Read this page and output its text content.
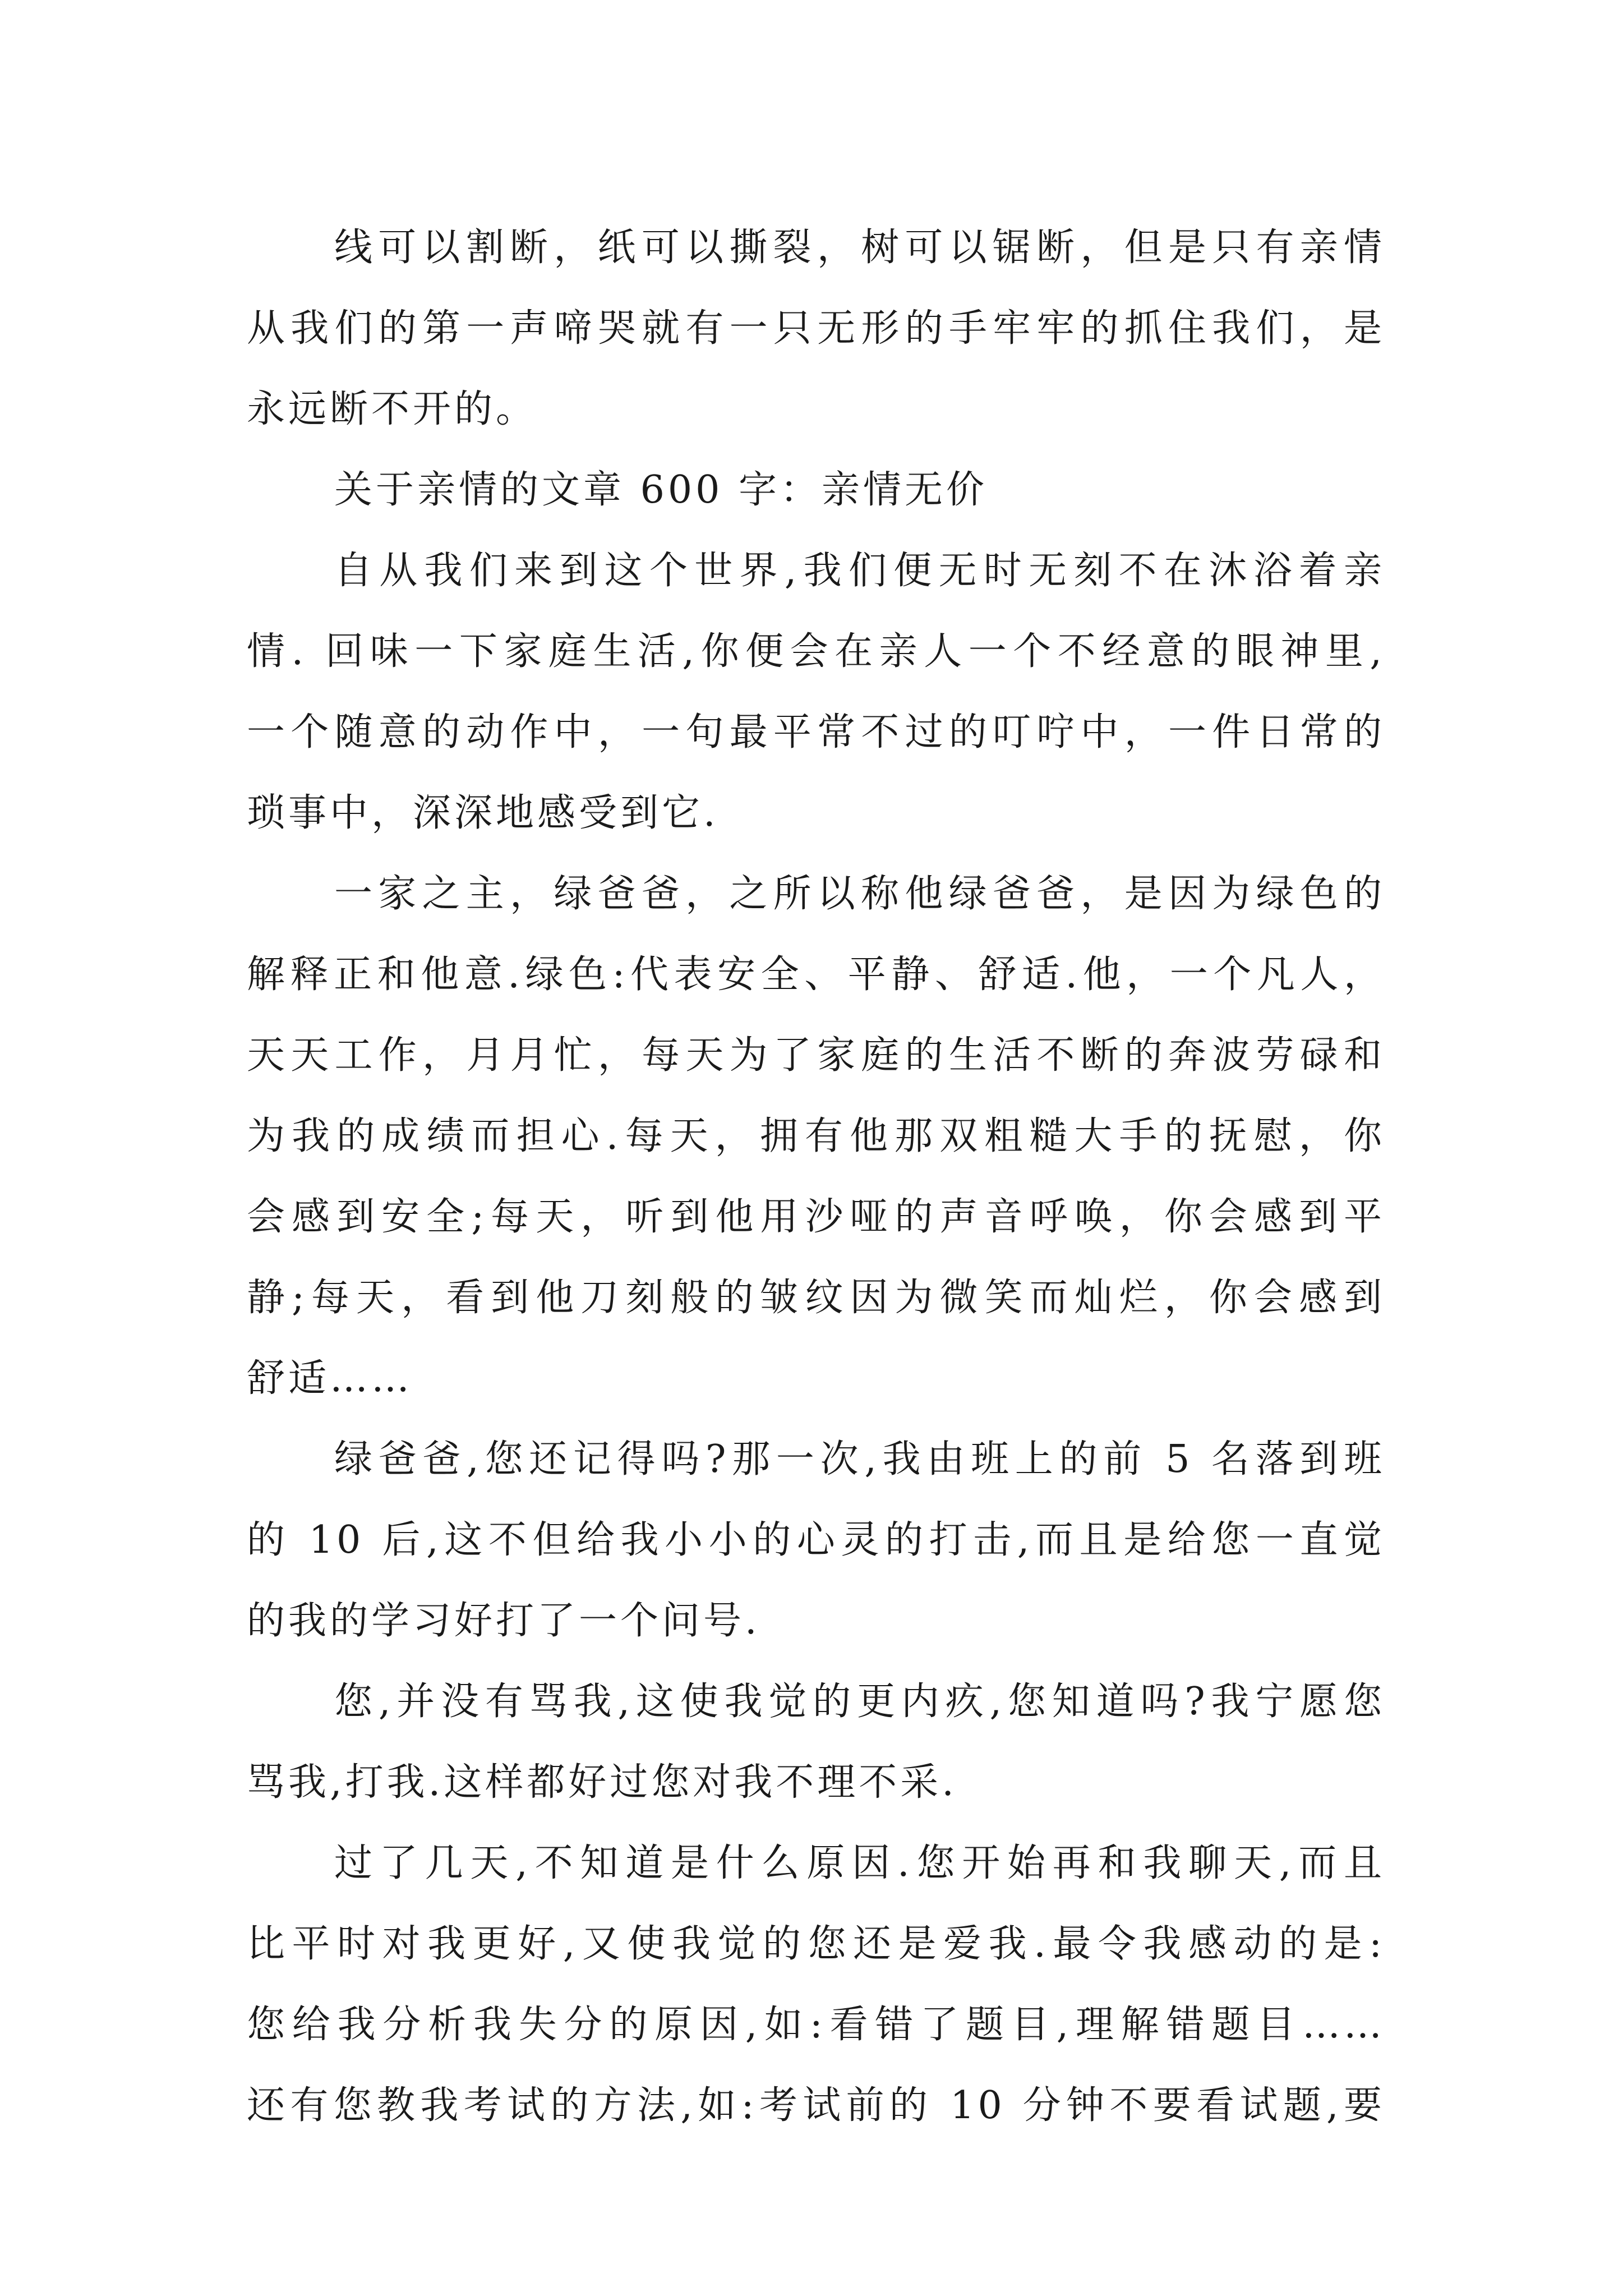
线可以割断，纸可以撕裂，树可以锯断，但是只有亲情
从我们的第一声啼哭就有一只无形的手牢牢的抓住我们，是
永远断不开的。
关于亲情的文章 600 字：亲情无价
自从我们来到这个世界,我们便无时无刻不在沐浴着亲
情. 回味一下家庭生活,你便会在亲人一个不经意的眼神里,
一个随意的动作中，一句最平常不过的叮咛中，一件日常的
琐事中，深深地感受到它.
一家之主，绿爸爸，之所以称他绿爸爸，是因为绿色的
解释正和他意.绿色:代表安全、平静、舒适.他，一个凡人，
天天工作，月月忙，每天为了家庭的生活不断的奔波劳碌和
为我的成绩而担心.每天，拥有他那双粗糙大手的抚慰，你
会感到安全;每天，听到他用沙哑的声音呼唤，你会感到平
静;每天，看到他刀刻般的皱纹因为微笑而灿烂，你会感到
舒适……
绿爸爸,您还记得吗?那一次,我由班上的前 5 名落到班
的 10 后,这不但给我小小的心灵的打击,而且是给您一直觉
的我的学习好打了一个问号.
您,并没有骂我,这使我觉的更内疚,您知道吗?我宁愿您
骂我,打我.这样都好过您对我不理不采.
过了几天,不知道是什么原因.您开始再和我聊天,而且
比平时对我更好,又使我觉的您还是爱我.最令我感动的是:
您给我分析我失分的原因,如:看错了题目,理解错题目……
还有您教我考试的方法,如:考试前的 10 分钟不要看试题,要
